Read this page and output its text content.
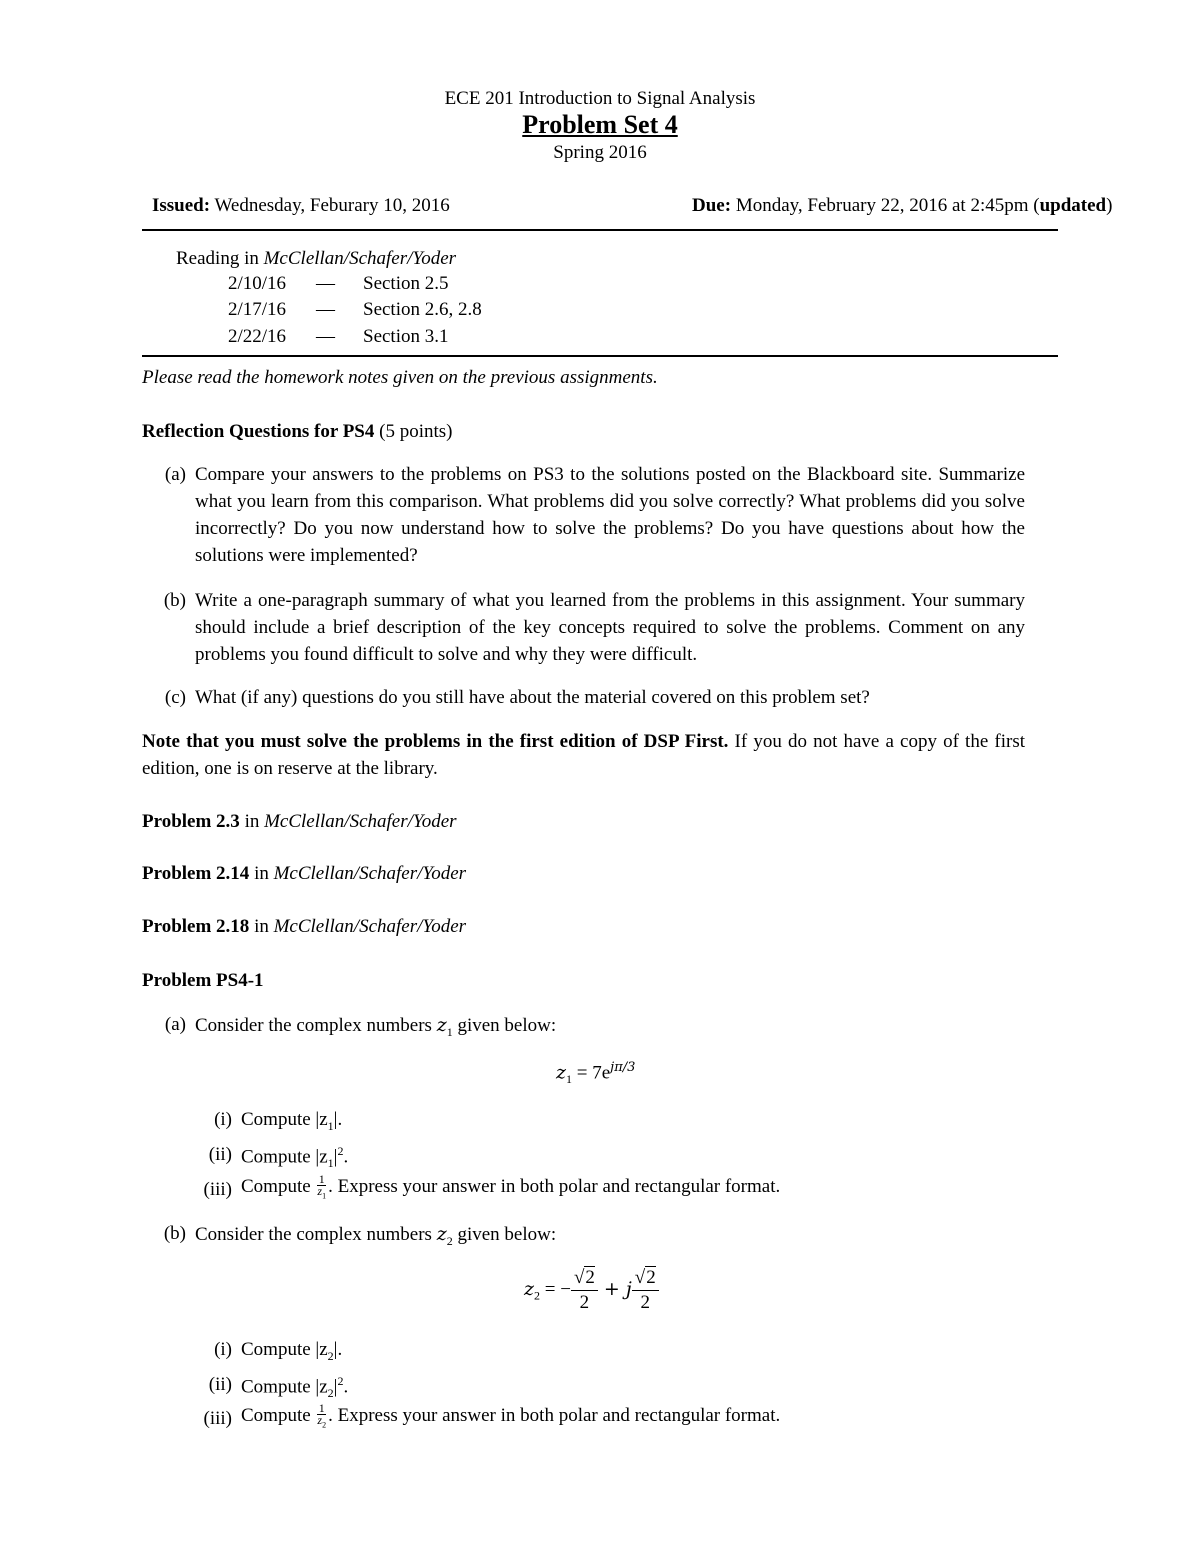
ECE 201 Introduction to Signal Analysis
Problem Set 4
Spring 2016
Issued: Wednesday, Feburary 10, 2016	Due: Monday, February 22, 2016 at 2:45pm (updated)
Reading in McClellan/Schafer/Yoder
2/10/16 — Section 2.5
2/17/16 — Section 2.6, 2.8
2/22/16 — Section 3.1
Please read the homework notes given on the previous assignments.
Reflection Questions for PS4 (5 points)
(a) Compare your answers to the problems on PS3 to the solutions posted on the Blackboard site. Summarize what you learn from this comparison. What problems did you solve correctly? What problems did you solve incorrectly? Do you now understand how to solve the problems? Do you have questions about how the solutions were implemented?
(b) Write a one-paragraph summary of what you learned from the problems in this assignment. Your summary should include a brief description of the key concepts required to solve the problems. Comment on any problems you found difficult to solve and why they were difficult.
(c) What (if any) questions do you still have about the material covered on this problem set?
Note that you must solve the problems in the first edition of DSP First. If you do not have a copy of the first edition, one is on reserve at the library.
Problem 2.3 in McClellan/Schafer/Yoder
Problem 2.14 in McClellan/Schafer/Yoder
Problem 2.18 in McClellan/Schafer/Yoder
Problem PS4-1
(a) Consider the complex numbers $z_1$ given below:
$z_1 = 7e^{j\pi/3}$
(i) Compute $|z_1|$.
(ii) Compute $|z_1|^2$.
(iii) Compute $\frac{1}{z_1}$ . Express your answer in both polar and rectangular format.
(b) Consider the complex numbers $z_2$ given below:
$z_2$ = − $\frac{√2}{2} + j \frac{√2}{2}$
(i) Compute $|z_2|$.
(ii) Compute $|z_2|^2$.
(iii) Compute $\frac{1}{z_2}$ . Express your answer in both polar and rectangular format.
